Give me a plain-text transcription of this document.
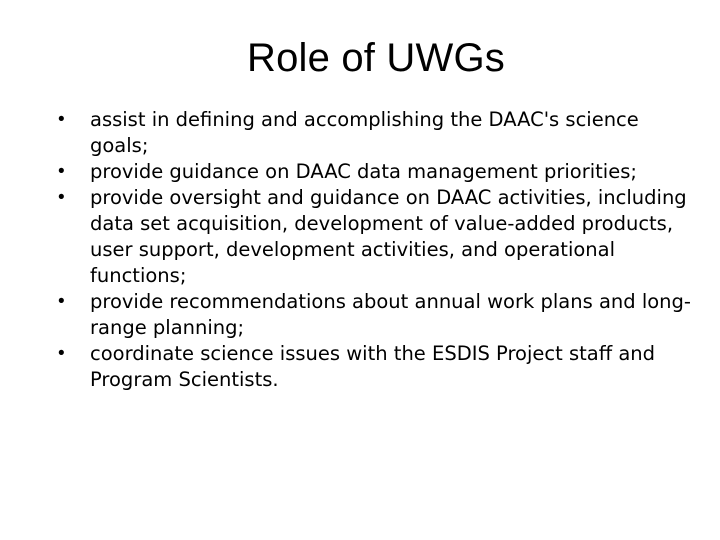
Role of UWGs
•	assist in defining and accomplishing the DAAC's science goals;
•	provide guidance on DAAC data management priorities;
•	provide oversight and guidance on DAAC activities, including data set acquisition, development of value-added products, user support, development activities, and operational functions;
•	provide recommendations about annual work plans and long-range planning;
•	coordinate science issues with the ESDIS Project staff and Program Scientists.
